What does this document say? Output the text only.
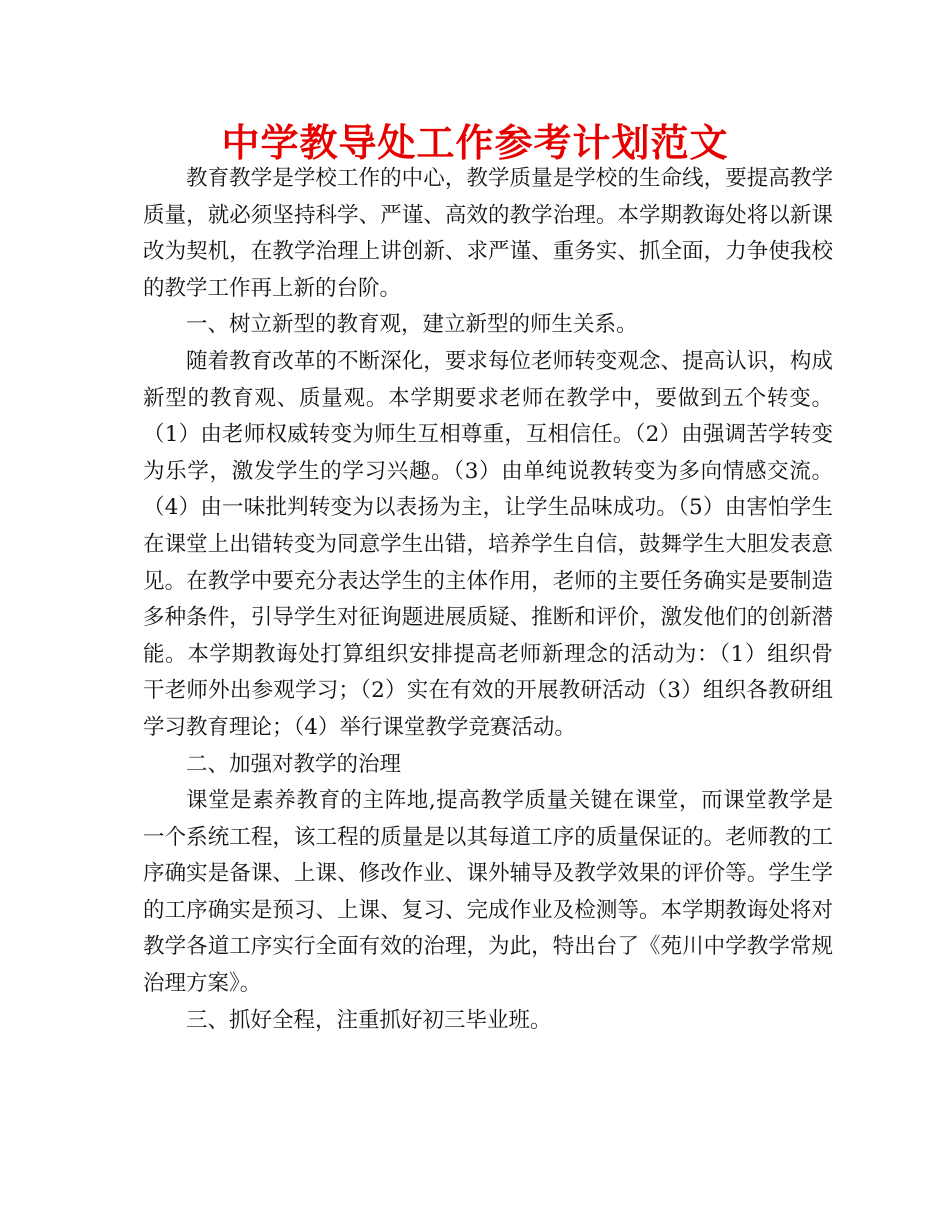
中学教导处工作参考计划范文

教育教学是学校工作的中心，教学质量是学校的生命线，要提高教学质量，就必须坚持科学、严谨、高效的教学治理。本学期教诲处将以新课改为契机，在教学治理上讲创新、求严谨、重务实、抓全面，力争使我校的教学工作再上新的台阶。

一、树立新型的教育观，建立新型的师生关系。

随着教育改革的不断深化，要求每位老师转变观念、提高认识，构成新型的教育观、质量观。本学期要求老师在教学中，要做到五个转变。（1）由老师权威转变为师生互相尊重，互相信任。（2）由强调苦学转变为乐学，激发学生的学习兴趣。（3）由单纯说教转变为多向情感交流。（4）由一味批判转变为以表扬为主，让学生品味成功。（5）由害怕学生在课堂上出错转变为同意学生出错，培养学生自信，鼓舞学生大胆发表意见。在教学中要充分表达学生的主体作用，老师的主要任务确实是要制造多种条件，引导学生对征询题进展质疑、推断和评价，激发他们的创新潜能。本学期教诲处打算组织安排提高老师新理念的活动为：（1）组织骨干老师外出参观学习；（2）实在有效的开展教研活动（3）组织各教研组学习教育理论；（4）举行课堂教学竞赛活动。

二、加强对教学的治理

课堂是素养教育的主阵地,提高教学质量关键在课堂，而课堂教学是一个系统工程，该工程的质量是以其每道工序的质量保证的。老师教的工序确实是备课、上课、修改作业、课外辅导及教学效果的评价等。学生学的工序确实是预习、上课、复习、完成作业及检测等。本学期教诲处将对教学各道工序实行全面有效的治理，为此，特出台了《苑川中学教学常规治理方案》。

三、抓好全程，注重抓好初三毕业班。
